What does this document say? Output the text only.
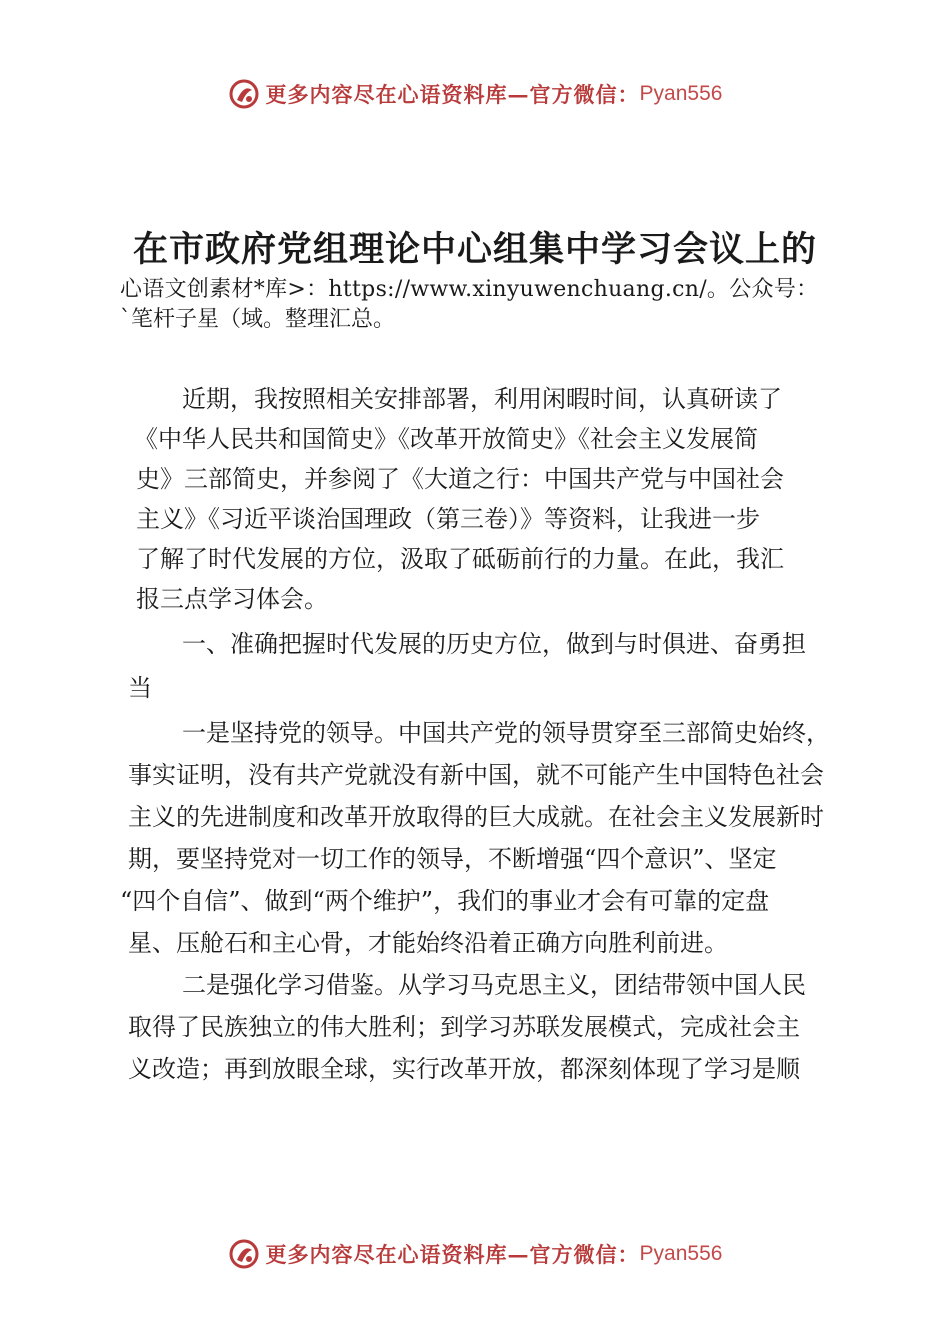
更多内容尽在心语资料库—官方微信： Pyan556
在市政府党组理论中心组集中学习会议上的
心语文创素材*库>：https://www.xinyuwenchuang.cn/。公众号：
`笔杆子星（域。整理汇总。
近期，我按照相关安排部署，利用闲暇时间，认真研读了
《中华人民共和国简史》《改革开放简史》《社会主义发展简
史》三部简史，并参阅了《大道之行：中国共产党与中国社会
主义》《习近平谈治国理政（第三卷）》等资料，让我进一步
了解了时代发展的方位，汲取了砥砺前行的力量。在此，我汇
报三点学习体会。
一、准确把握时代发展的历史方位，做到与时俱进、奋勇担
当
一是坚持党的领导。中国共产党的领导贯穿至三部简史始终，
事实证明，没有共产党就没有新中国，就不可能产生中国特色社会
主义的先进制度和改革开放取得的巨大成就。在社会主义发展新时
期，要坚持党对一切工作的领导，不断增强“四个意识”、坚定
“四个自信”、做到“两个维护”，我们的事业才会有可靠的定盘
星、压舱石和主心骨，才能始终沿着正确方向胜利前进。
二是强化学习借鉴。从学习马克思主义，团结带领中国人民
取得了民族独立的伟大胜利；到学习苏联发展模式，完成社会主
义改造；再到放眼全球，实行改革开放，都深刻体现了学习是顺
更多内容尽在心语资料库—官方微信： Pyan556
